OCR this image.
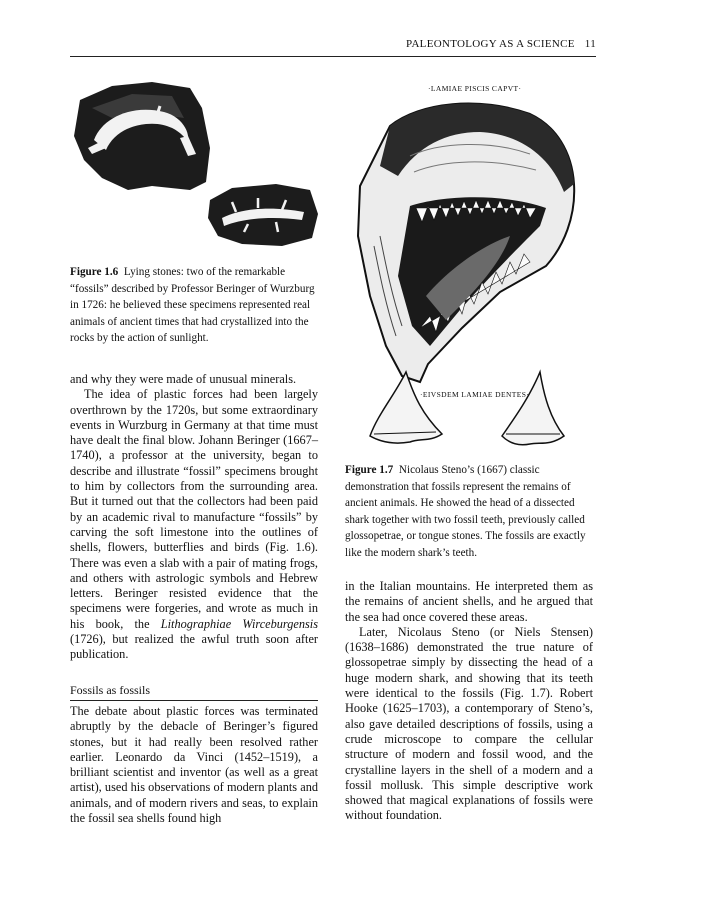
PALEONTOLOGY AS A SCIENCE 11
Figure 1.6 Lying stones: two of the remarkable “fossils” described by Professor Beringer of Wurzburg in 1726: he believed these specimens represented real animals of ancient times that had crystallized into the rocks by the action of sunlight.
·LAMIAE PISCIS CAPVT·
·EIVSDEM LAMIAE DENTES·
Figure 1.7 Nicolaus Steno’s (1667) classic demonstration that fossils represent the remains of ancient animals. He showed the head of a dissected shark together with two fossil teeth, previously called glossopetrae, or tongue stones. The fossils are exactly like the modern shark’s teeth.

and why they were made of unusual minerals.

The idea of plastic forces had been largely overthrown by the 1720s, but some extraordinary events in Wurzburg in Germany at that time must have dealt the final blow. Johann Beringer (1667–1740), a professor at the university, began to describe and illustrate “fossil” specimens brought to him by collectors from the surrounding area. But it turned out that the collectors had been paid by an academic rival to manufacture “fossils” by carving the soft limestone into the outlines of shells, flowers, butterflies and birds (Fig. 1.6). There was even a slab with a pair of mating frogs, and others with astrologic symbols and Hebrew letters. Beringer resisted evidence that the specimens were forgeries, and wrote as much in his book, the Lithographiae Wirceburgensis (1726), but realized the awful truth soon after publication.

Fossils as fossils

The debate about plastic forces was terminated abruptly by the debacle of Beringer’s figured stones, but it had really been resolved rather earlier. Leonardo da Vinci (1452–1519), a brilliant scientist and inventor (as well as a great artist), used his observations of modern plants and animals, and of modern rivers and seas, to explain the fossil sea shells found high

in the Italian mountains. He interpreted them as the remains of ancient shells, and he argued that the sea had once covered these areas.

Later, Nicolaus Steno (or Niels Stensen) (1638–1686) demonstrated the true nature of glossopetrae simply by dissecting the head of a huge modern shark, and showing that its teeth were identical to the fossils (Fig. 1.7). Robert Hooke (1625–1703), a contemporary of Steno’s, also gave detailed descriptions of fossils, using a crude microscope to compare the cellular structure of modern and fossil wood, and the crystalline layers in the shell of a modern and a fossil mollusk. This simple descriptive work showed that magical explanations of fossils were without foundation.
